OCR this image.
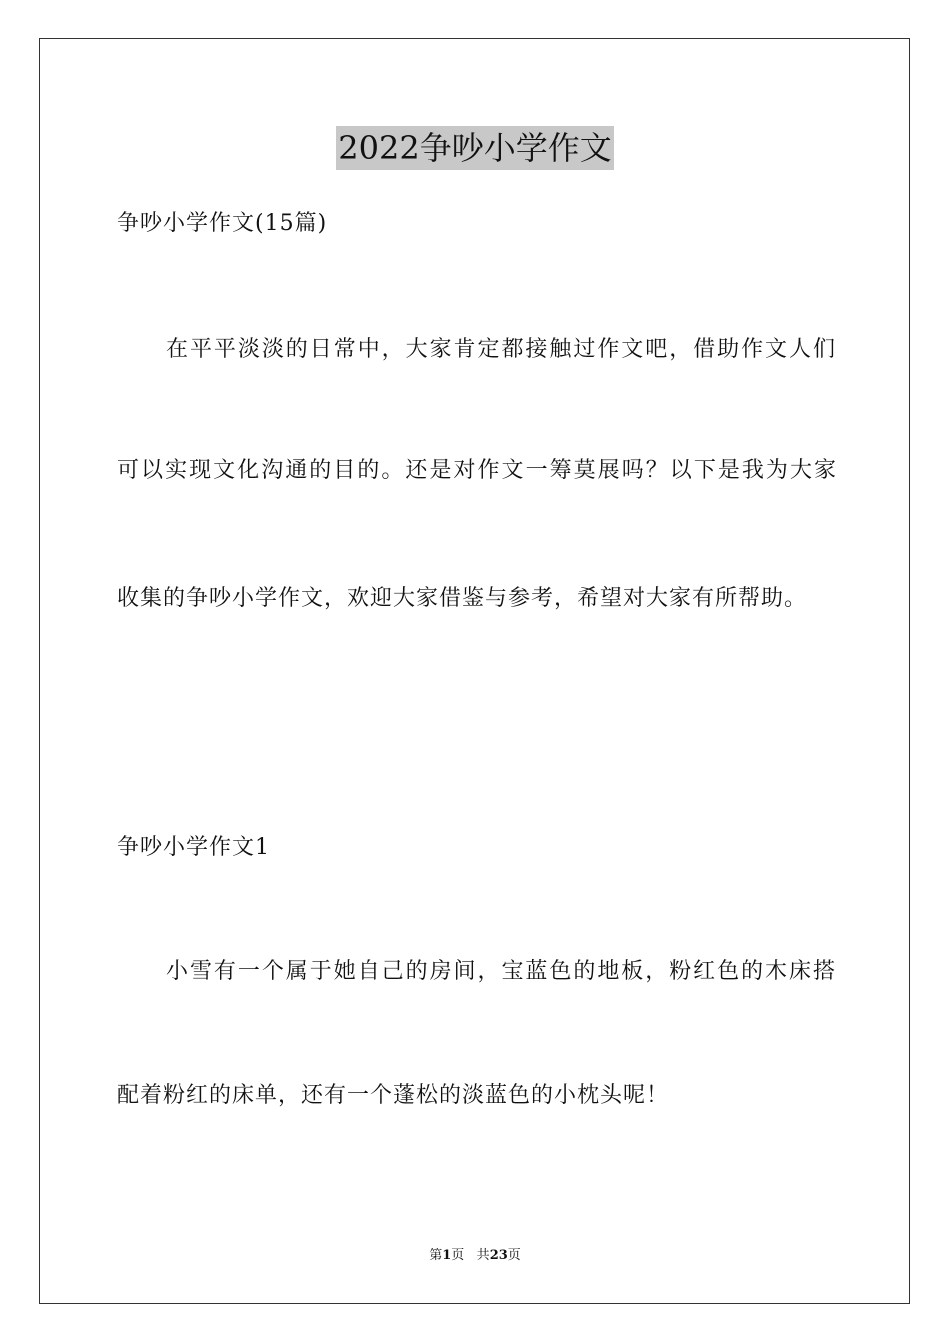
2022争吵小学作文
争吵小学作文(15篇)
在平平淡淡的日常中，大家肯定都接触过作文吧，借助作文人们
可以实现文化沟通的目的。还是对作文一筹莫展吗？以下是我为大家
收集的争吵小学作文，欢迎大家借鉴与参考，希望对大家有所帮助。
争吵小学作文1
小雪有一个属于她自己的房间，宝蓝色的地板，粉红色的木床搭
配着粉红的床单，还有一个蓬松的淡蓝色的小枕头呢！
第1页 共23页
